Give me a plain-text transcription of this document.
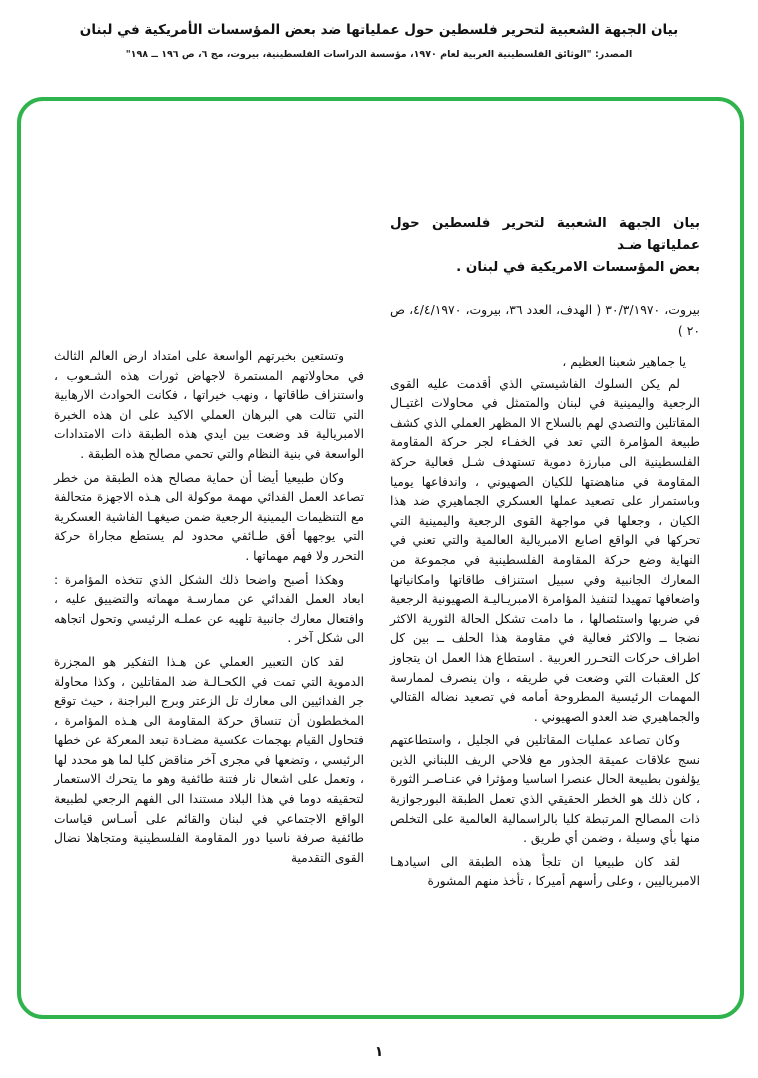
بيان الجبهة الشعبية لتحرير فلسطين حول عملياتها ضد بعض المؤسسات الأمريكية في لبنان
المصدر: "الوثائق الفلسطينية العربية لعام ١٩٧٠، مؤسسة الدراسات الفلسطينية، بيروت، مج ٦، ص ١٩٦ ــ ١٩٨"
بيان الجبهة الشعبية لتحرير فلسطين حول عملياتها ضـد
بعض المؤسسات الامريكية في لبنان .
بيروت، ٣٠/٣/١٩٧٠ ( الهدف، العدد ٣٦، بيروت، ٤/٤/١٩٧٠، ص ٢٠ )

يا جماهير شعبنا العظيم ،

لم يكن السلوك الفاشيستي الذي أقدمت عليه القوى الرجعية واليمينية في لبنان والمتمثل في محاولات اغتيـال المقاتلين والتصدي لهم بالسلاح الا المظهر العملي الذي كشف طبيعة المؤامرة التي تعد في الخفـاء لجر حركة المقاومة الفلسطينية الى مبارزة دموية تستهدف شـل فعالية حركة المقاومة في مناهضتها للكيان الصهيوني ، واندفاعها يوميا وباستمرار على تصعيد عملها العسكري الجماهيري ضد هذا الكيان ، وجعلها في مواجهة القوى الرجعية واليمينية التي تحركها في الواقع اصابع الامبريالية العالمية والتي تعني في النهاية وضع حركة المقاومة الفلسطينية في مجموعة من المعارك الجانبية وفي سبيل استنزاف طاقاتها وامكانياتها واضعافها تمهيدا لتنفيذ المؤامرة الامبريـاليـة الصهيونية الرجعية في ضربها واستئصالها ، ما دامت تشكل الحالة الثورية الاكثر نضجا ــ والاكثر فعالية في مقاومة هذا الحلف ــ بين كل اطراف حركات التحـرر العربية . استطاع هذا العمل ان يتجاوز كل العقبات التي وضعت في طريقه ، وان ينصرف لممارسة المهمات الرئيسية المطروحة أمامه في تصعيد نضاله القتالي والجماهيري ضد العدو الصهيوني .

وكان تصاعد عمليات المقاتلين في الجليل ، واستطاعتهم نسج علاقات عميقة الجذور مع فلاحي الريف اللبناني الذين يؤلفون بطبيعة الحال عنصرا اساسيا ومؤثرا في عنـاصـر الثورة ، كان ذلك هو الخطر الحقيقي الذي تعمل الطبقة البورجوازية ذات المصالح المرتبطة كليا بالراسمالية العالمية على التخلص منها بأي وسيلة ، وضمن أي طريق .

لقد كان طبيعيا ان تلجأ هذه الطبقة الى اسيادهـا الامبرياليين ، وعلى رأسهم أميركا ، تأخذ منهم المشورة

وتستعين بخبرتهم الواسعة على امتداد ارض العالم الثالث في محاولاتهم المستمرة لاجهاض ثورات هذه الشـعوب ، واستنزاف طاقاتها ، ونهب خيراتها ، فكانت الحوادث الارهابية التي تتالت هي البرهان العملي الاكيد على ان هذه الخبرة الامبريالية قد وضعت بين ايدي هذه الطبقة ذات الامتدادات الواسعة في بنية النظام والتي تحمي مصالح هذه الطبقة .

وكان طبيعيا أيضا أن حماية مصالح هذه الطبقة من خطر تصاعد العمل الفدائي مهمة موكولة الى هـذه الاجهزة متحالفة مع التنظيمات اليمينية الرجعية ضمن صيغهـا الفاشية العسكرية التي يوجهها أفق طـائفي محدود لم يستطع مجاراة حركة التحرر ولا فهم مهماتها .

وهكذا أصبح واضحا ذلك الشكل الذي تتخذه المؤامرة : ابعاد العمل الفدائي عن ممارسـة مهماته والتضييق عليه ، وافتعال معارك جانبية تلهيه عن عملـه الرئيسي وتحول اتجاهه الى شكل آخر .

لقد كان التعبير العملي عن هـذا التفكير هو المجزرة الدموية التي تمت في الكحـالـة ضد المقاتلين ، وكذا محاولة جر الفدائيين الى معارك تل الزعتر وبرج البراجنة ، حيث توقع المخططون أن تنساق حركة المقاومة الى هـذه المؤامرة ، فتحاول القيام بهجمات عكسية مضـادة تبعد المعركة عن خطها الرئيسي ، وتضعها في مجرى آخر مناقض كليا لما هو محدد لها ، وتعمل على اشعال نار فتنة طائفية وهو ما يتحرك الاستعمار لتحقيقه دوما في هذا البلاد مستندا الى الفهم الرجعي لطبيعة الواقع الاجتماعي في لبنان والقائم على أسـاس قياسات طائفية صرفة ناسيا دور المقاومة الفلسطينية ومتجاهلا نضال القوى التقدمية

١
